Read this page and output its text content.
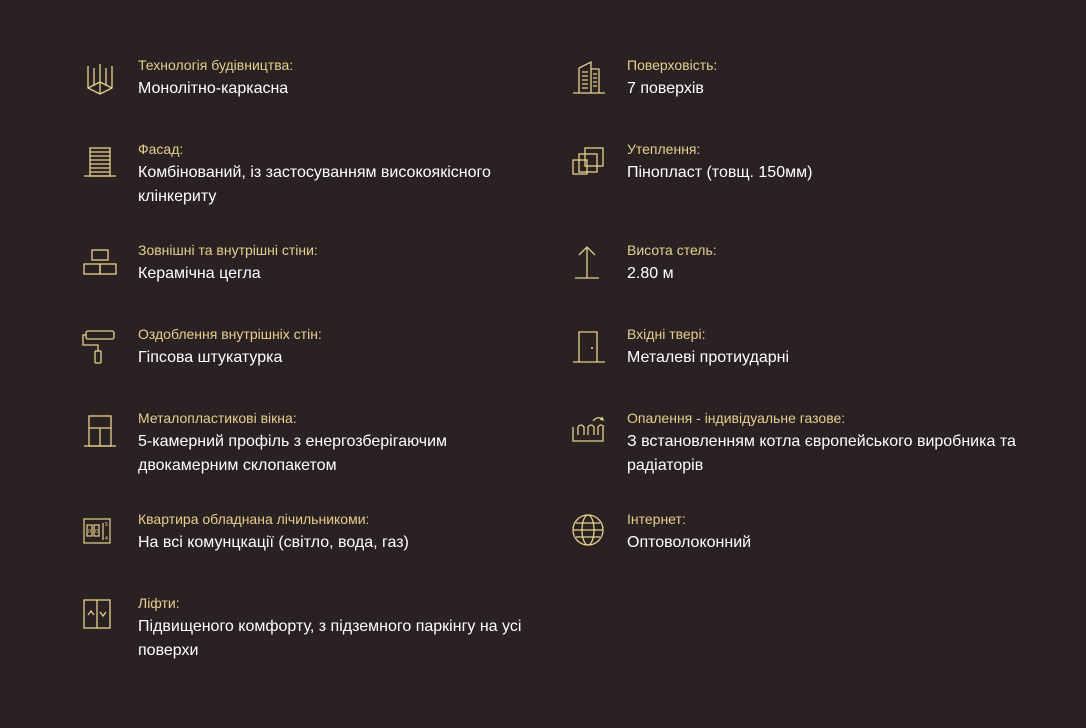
Технологія будівництва:
Монолітно-каркасна
Поверховість:
7 поверхів
Фасад:
Комбінований, із застосуванням високоякісного клінкериту
Утеплення:
Пінопласт (товщ. 150мм)
Зовнішні та внутрішні стіни:
Керамічна цегла
Висота стель:
2.80 м
Оздоблення внутрішніх стін:
Гіпсова штукатурка
Вхідні твері:
Металеві протиударні
Металопластикові вікна:
5-камерний профіль з енергозберігаючим двокамерним склопакетом
Опалення - індивідуальне газове:
З встановленням котла європейського виробника та радіаторів
0 0
5
4
Квартира обладнана лічильникоми:
На всі комунцкації (світло, вода, газ)
Інтернет:
Оптоволоконний
Ліфти:
Підвищеного комфорту, з підземного паркінгу на усі поверхи
